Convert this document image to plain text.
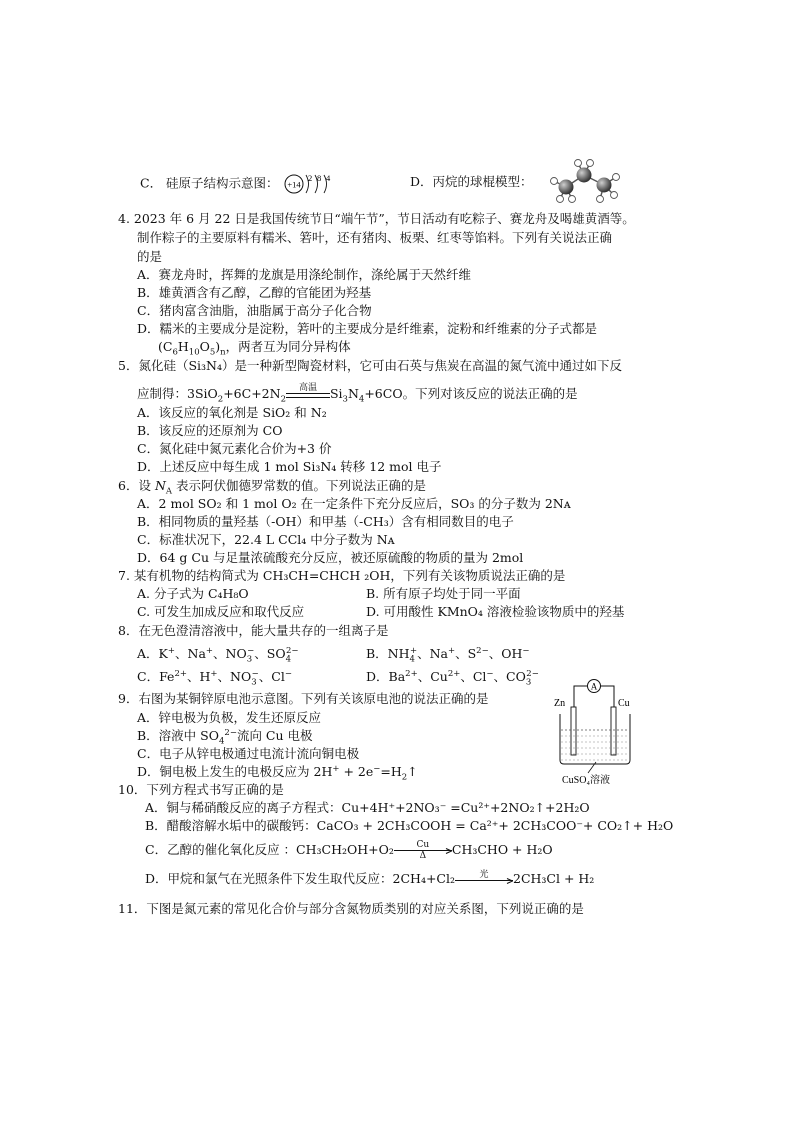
C． 硅原子结构示意图： +14
2 8 4	D．丙烷的球棍模型：
4. 2023 年 6 月 22 日是我国传统节日“端午节”，节日活动有吃粽子、赛龙舟及喝雄黄酒等。
制作粽子的主要原料有糯米、箬叶，还有猪肉、板栗、红枣等馅料。下列有关说法正确
的是
A．赛龙舟时，挥舞的龙旗是用涤纶制作，涤纶属于天然纤维
B．雄黄酒含有乙醇，乙醇的官能团为羟基
C．猪肉富含油脂，油脂属于高分子化合物
D．糯米的主要成分是淀粉，箬叶的主要成分是纤维素，淀粉和纤维素的分子式都是
$(C_6H_{10}O_5)_n$，两者互为同分异构体
5．氮化硅（Si₃N₄）是一种新型陶瓷材料，它可由石英与焦炭在高温的氮气流中通过如下反
应制得：$3SiO_2+6C+2N_2$
高温	$Si_3N_4+6CO$。下列对该反应的说法正确的是
A．该反应的氧化剂是 SiO₂ 和 N₂
B．该反应的还原剂为 CO
C．氮化硅中氮元素化合价为+3 价
D．上述反应中每生成 1 mol Si₃N₄ 转移 12 mol 电子
6．设 $N_A$ 表示阿伏伽德罗常数的值。下列说法正确的是
A．2 mol SO₂ 和 1 mol O₂ 在一定条件下充分反应后，SO₃ 的分子数为 2Nᴀ
B．相同物质的量羟基（-OH）和甲基（-CH₃）含有相同数目的电子
C．标准状况下，22.4 L CCl₄ 中分子数为 Nᴀ
D．64 g Cu 与足量浓硫酸充分反应，被还原硫酸的物质的量为 2mol
7. 某有机物的结构简式为 CH₃CH=CHCH ₂OH，下列有关该物质说法正确的是
A. 分子式为 C₄H₈O	B. 所有原子均处于同一平面
C. 可发生加成反应和取代反应	D. 可用酸性 KMnO₄ 溶液检验该物质中的羟基
8．在无色澄清溶液中，能大量共存的一组离子是
A．K+、Na+、$NO_3^-$、$SO_4^{2-}$	B．$NH_4^+$、Na+、$S^{2-}$、OH−
C．$Fe^{2+}$、H+、$NO_3^-$、Cl−	D．$Ba^{2+}$、$Cu^{2+}$、Cl−、$CO_3^{2-}$
9．右图为某铜锌原电池示意图。下列有关该原电池的说法正确的是
A．锌电极为负极，发生还原反应
B．溶液中 $SO_4^{2-}$流向 Cu 电极
C．电子从锌电极通过电流计流向铜电极
D．铜电极上发生的电极反应为 $2H^+ + 2e^-=H_2↑$
A
Zn	Cu
CuSO₄溶液
10．下列方程式书写正确的是
A．铜与稀硝酸反应的离子方程式：Cu+4H⁺+2NO₃⁻ =Cu²⁺+2NO₂↑+2H₂O
B．醋酸溶解水垢中的碳酸钙：CaCO₃ + 2CH₃COOH = Ca²⁺+ 2CH₃COO⁻+ CO₂↑+ H₂O
C．乙醇的催化氧化反应 ：$CH_3CH_2OH+O_2 \frac{Cu}{\Delta} CH_3CHO + H_2O$
D．甲烷和氯气在光照条件下发生取代反应：2CH₄+Cl₂	光	2CH₃Cl + H₂
11．下图是氮元素的常见化合价与部分含氮物质类别的对应关系图，下列说正确的是
